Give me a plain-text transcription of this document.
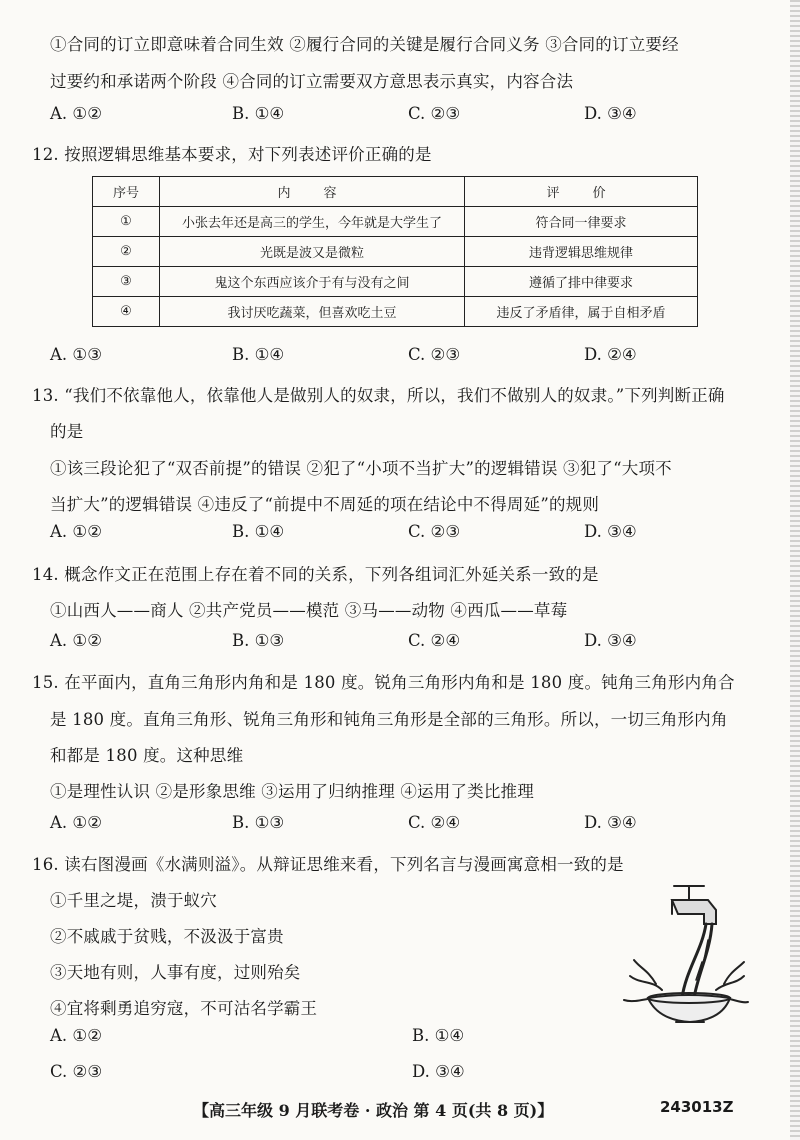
①合同的订立即意味着合同生效 ②履行合同的关键是履行合同义务 ③合同的订立要经
过要约和承诺两个阶段 ④合同的订立需要双方意思表示真实，内容合法
A. ①②	B. ①④	C. ②③	D. ③④
12. 按照逻辑思维基本要求，对下列表述评价正确的是
序号	内　容	评　价
①	小张去年还是高三的学生，今年就是大学生了	符合同一律要求
②	光既是波又是微粒	违背逻辑思维规律
③	鬼这个东西应该介于有与没有之间	遵循了排中律要求
④	我讨厌吃蔬菜，但喜欢吃土豆	违反了矛盾律，属于自相矛盾
A. ①③	B. ①④	C. ②③	D. ②④
13. “我们不依靠他人，依靠他人是做别人的奴隶，所以，我们不做别人的奴隶。”下列判断正确
的是
①该三段论犯了“双否前提”的错误 ②犯了“小项不当扩大”的逻辑错误 ③犯了“大项不
当扩大”的逻辑错误 ④违反了“前提中不周延的项在结论中不得周延”的规则
A. ①②	B. ①④	C. ②③	D. ③④
14. 概念作文正在范围上存在着不同的关系，下列各组词汇外延关系一致的是
①山西人——商人 ②共产党员——模范 ③马——动物 ④西瓜——草莓
A. ①②	B. ①③	C. ②④	D. ③④
15. 在平面内，直角三角形内角和是 180 度。锐角三角形内角和是 180 度。钝角三角形内角合
是 180 度。直角三角形、锐角三角形和钝角三角形是全部的三角形。所以，一切三角形内角
和都是 180 度。这种思维
①是理性认识 ②是形象思维 ③运用了归纳推理 ④运用了类比推理
A. ①②	B. ①③	C. ②④	D. ③④
16. 读右图漫画《水满则溢》。从辩证思维来看，下列名言与漫画寓意相一致的是
①千里之堤，溃于蚁穴
②不戚戚于贫贱，不汲汲于富贵
③天地有则，人事有度，过则殆矣
④宜将剩勇追穷寇，不可沽名学霸王
A. ①②	B. ①④
C. ②③	D. ③④
【高三年级 9 月联考卷 · 政治 第 4 页(共 8 页)】	243013Z
